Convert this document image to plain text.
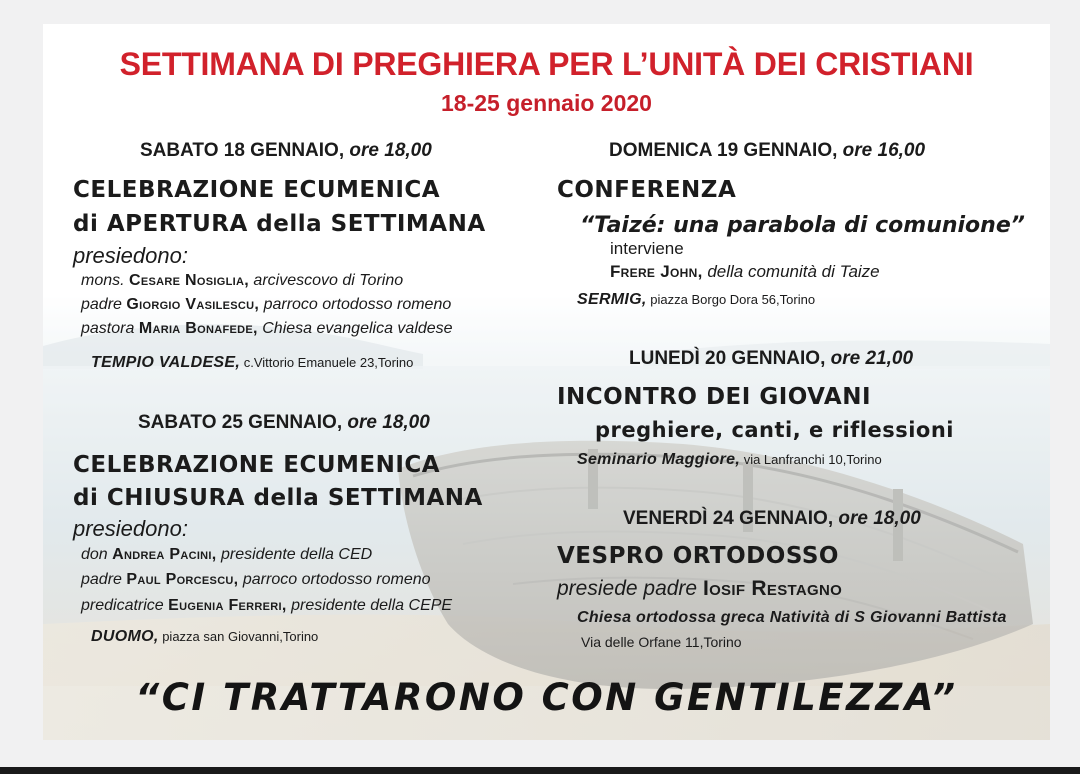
SETTIMANA DI PREGHIERA PER L’UNITÀ DEI CRISTIANI
18-25 gennaio 2020
SABATO 18 GENNAIO, ore 18,00
CELEBRAZIONE ECUMENICA
di APERTURA della SETTIMANA
presiedono:
mons. Cesare Nosiglia, arcivescovo di Torino
padre Giorgio Vasilescu, parroco ortodosso romeno
pastora Maria Bonafede, Chiesa evangelica valdese
TEMPIO VALDESE, c.Vittorio Emanuele 23,Torino
SABATO 25 GENNAIO, ore 18,00
CELEBRAZIONE ECUMENICA
di CHIUSURA della SETTIMANA
presiedono:
don Andrea Pacini, presidente della CED
padre Paul Porcescu, parroco ortodosso romeno
predicatrice Eugenia Ferreri, presidente della CEPE
DUOMO, piazza san Giovanni,Torino
DOMENICA 19 GENNAIO, ore 16,00
CONFERENZA
“Taizé: una parabola di comunione”
interviene
Frere John, della comunità di Taize
SERMIG, piazza Borgo Dora 56,Torino
LUNEDÌ 20 GENNAIO, ore 21,00
INCONTRO DEI GIOVANI
preghiere, canti, e riflessioni
Seminario Maggiore, via Lanfranchi 10,Torino
VENERDÌ 24 GENNAIO, ore 18,00
VESPRO ORTODOSSO
presiede padre Iosif Restagno
Chiesa ortodossa greca Natività di S Giovanni Battista
Via delle Orfane 11,Torino
“CI TRATTARONO CON GENTILEZZA”
